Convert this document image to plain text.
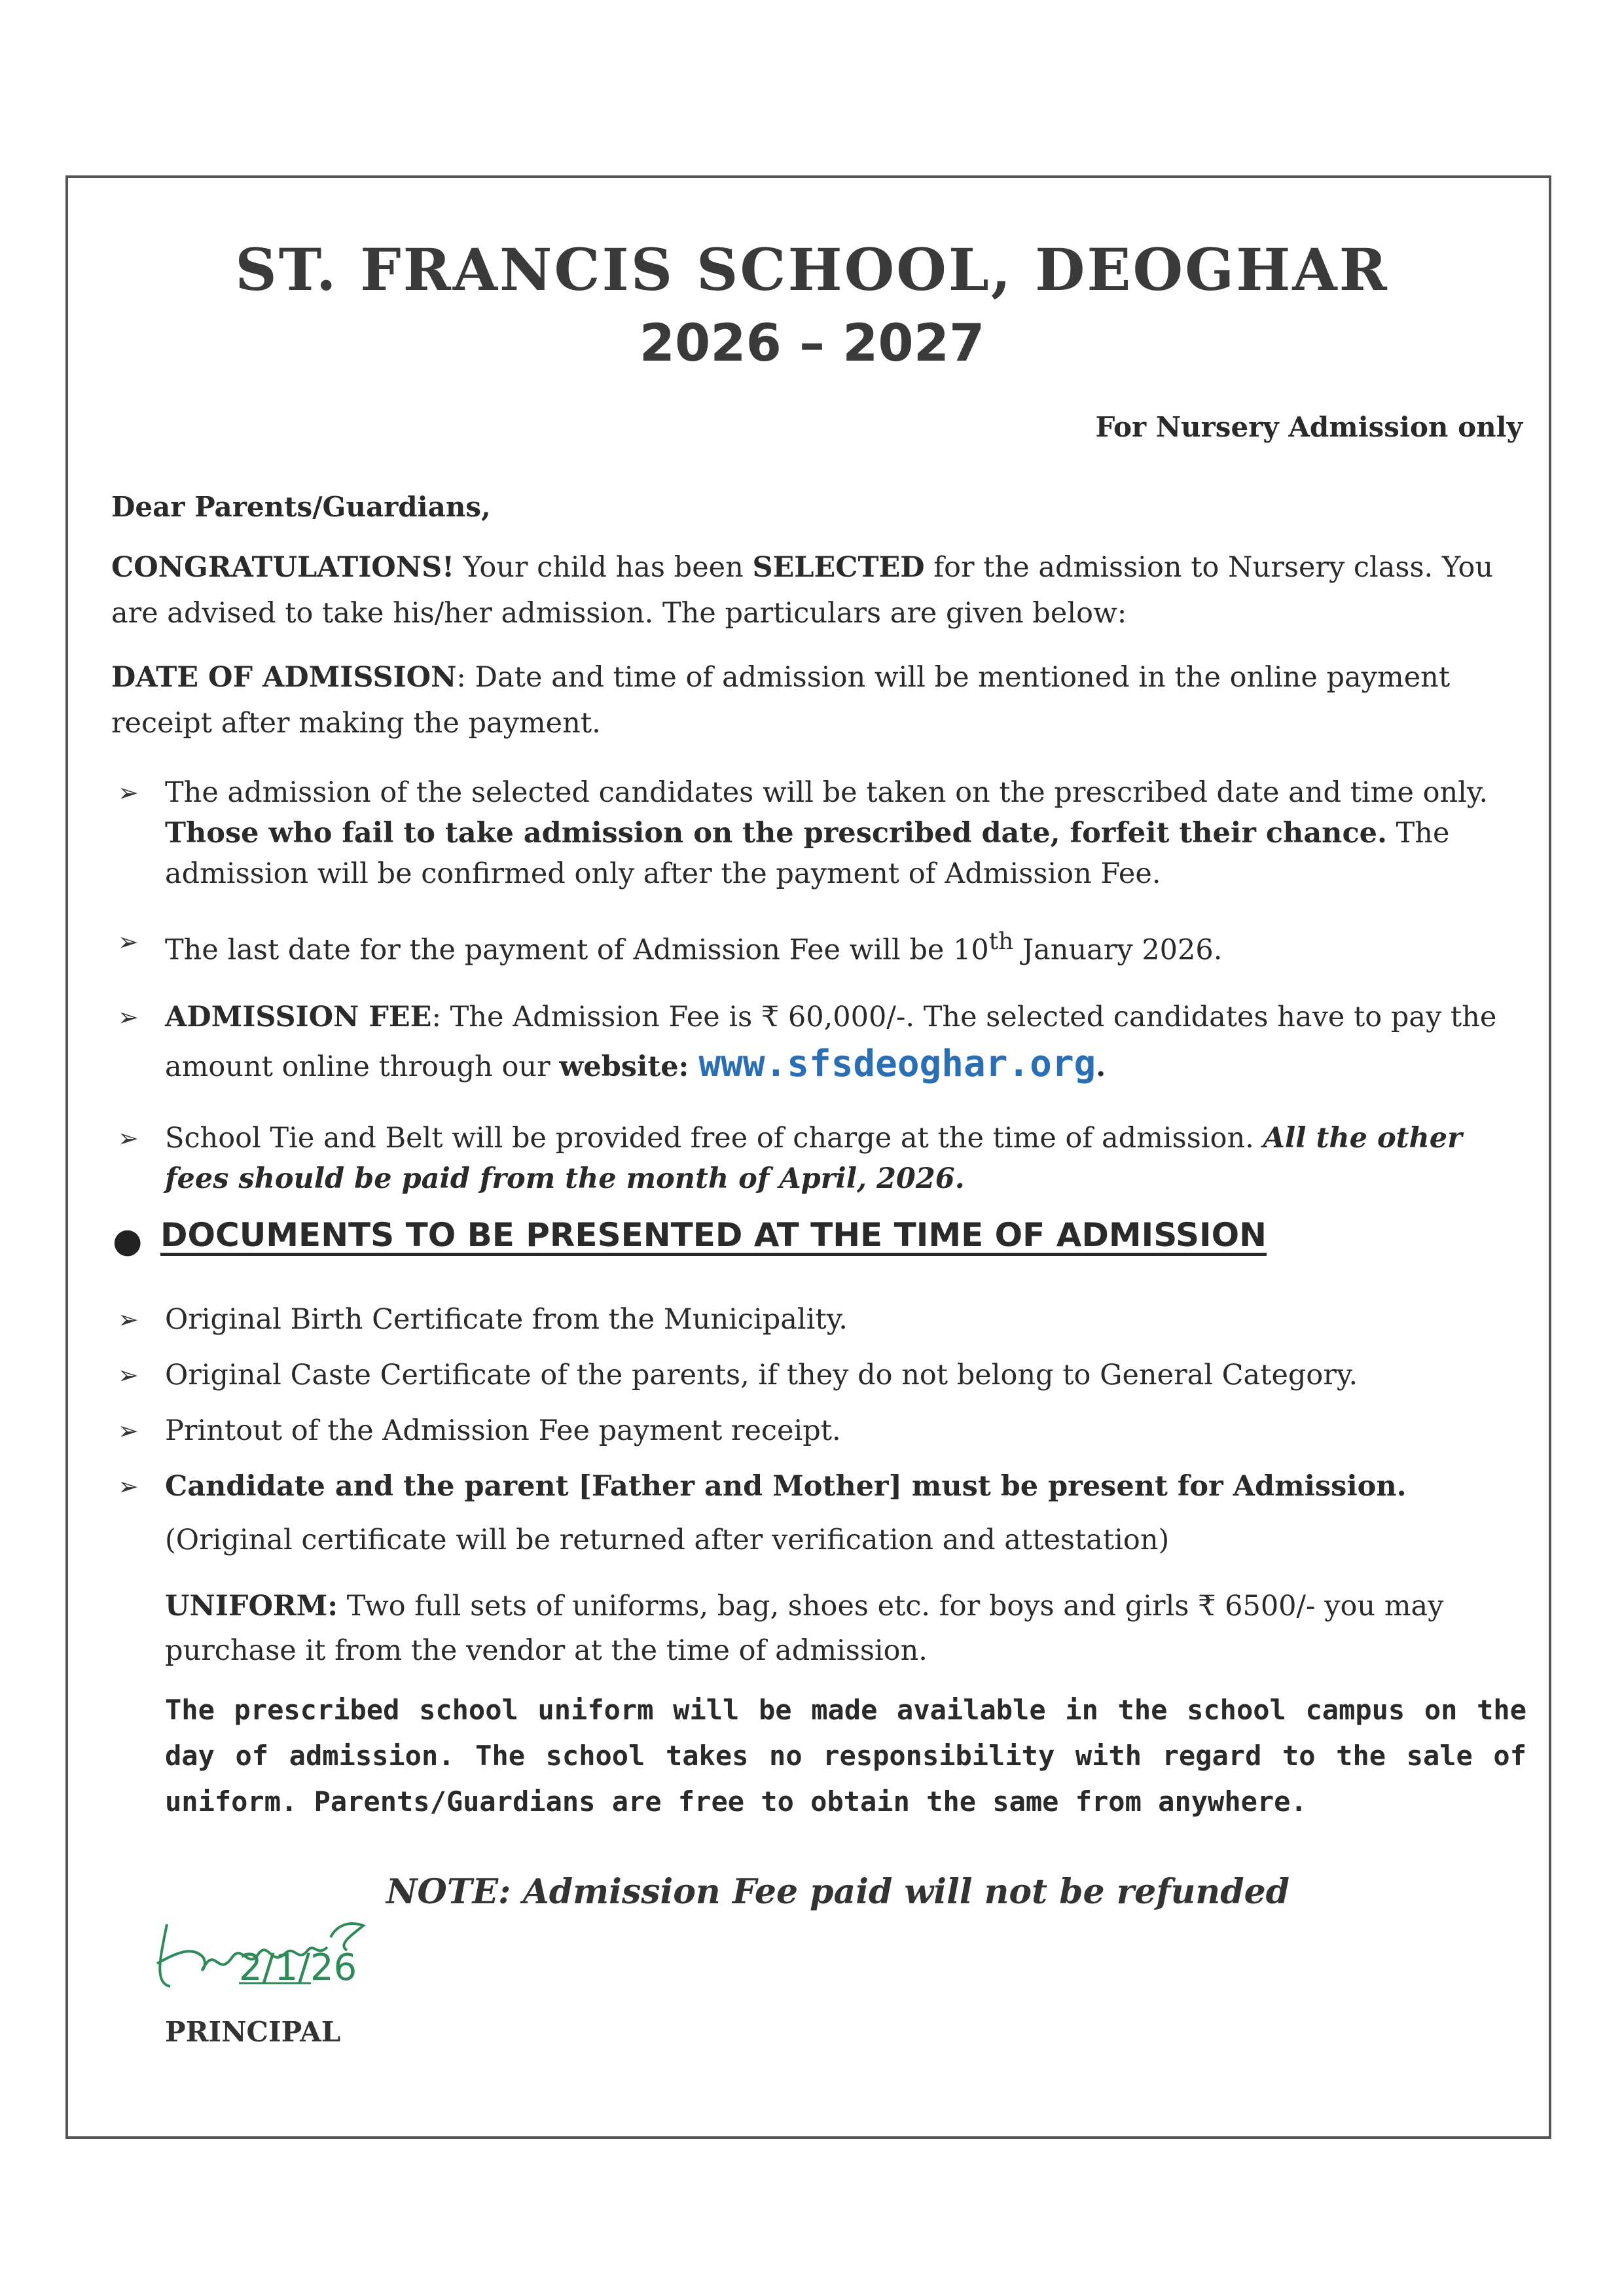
ST. FRANCIS SCHOOL, DEOGHAR
2026 – 2027
For Nursery Admission only
Dear Parents/Guardians,
CONGRATULATIONS! Your child has been SELECTED for the admission to Nursery class. You are advised to take his/her admission. The particulars are given below:
DATE OF ADMISSION: Date and time of admission will be mentioned in the online payment receipt after making the payment.
➢ The admission of the selected candidates will be taken on the prescribed date and time only. Those who fail to take admission on the prescribed date, forfeit their chance. The admission will be confirmed only after the payment of Admission Fee.
➢ The last date for the payment of Admission Fee will be 10th January 2026.
➢ ADMISSION FEE: The Admission Fee is ₹ 60,000/-. The selected candidates have to pay the amount online through our website: www.sfsdeoghar.org.
➢ School Tie and Belt will be provided free of charge at the time of admission. All the other fees should be paid from the month of April, 2026.
● DOCUMENTS TO BE PRESENTED AT THE TIME OF ADMISSION
➢ Original Birth Certificate from the Municipality.
➢ Original Caste Certificate of the parents, if they do not belong to General Category.
➢ Printout of the Admission Fee payment receipt.
➢ Candidate and the parent [Father and Mother] must be present for Admission.
(Original certificate will be returned after verification and attestation)
UNIFORM: Two full sets of uniforms, bag, shoes etc. for boys and girls ₹ 6500/- you may purchase it from the vendor at the time of admission.
The prescribed school uniform will be made available in the school campus on the day of admission. The school takes no responsibility with regard to the sale of uniform. Parents/Guardians are free to obtain the same from anywhere.
NOTE: Admission Fee paid will not be refunded
2/1/26
PRINCIPAL
